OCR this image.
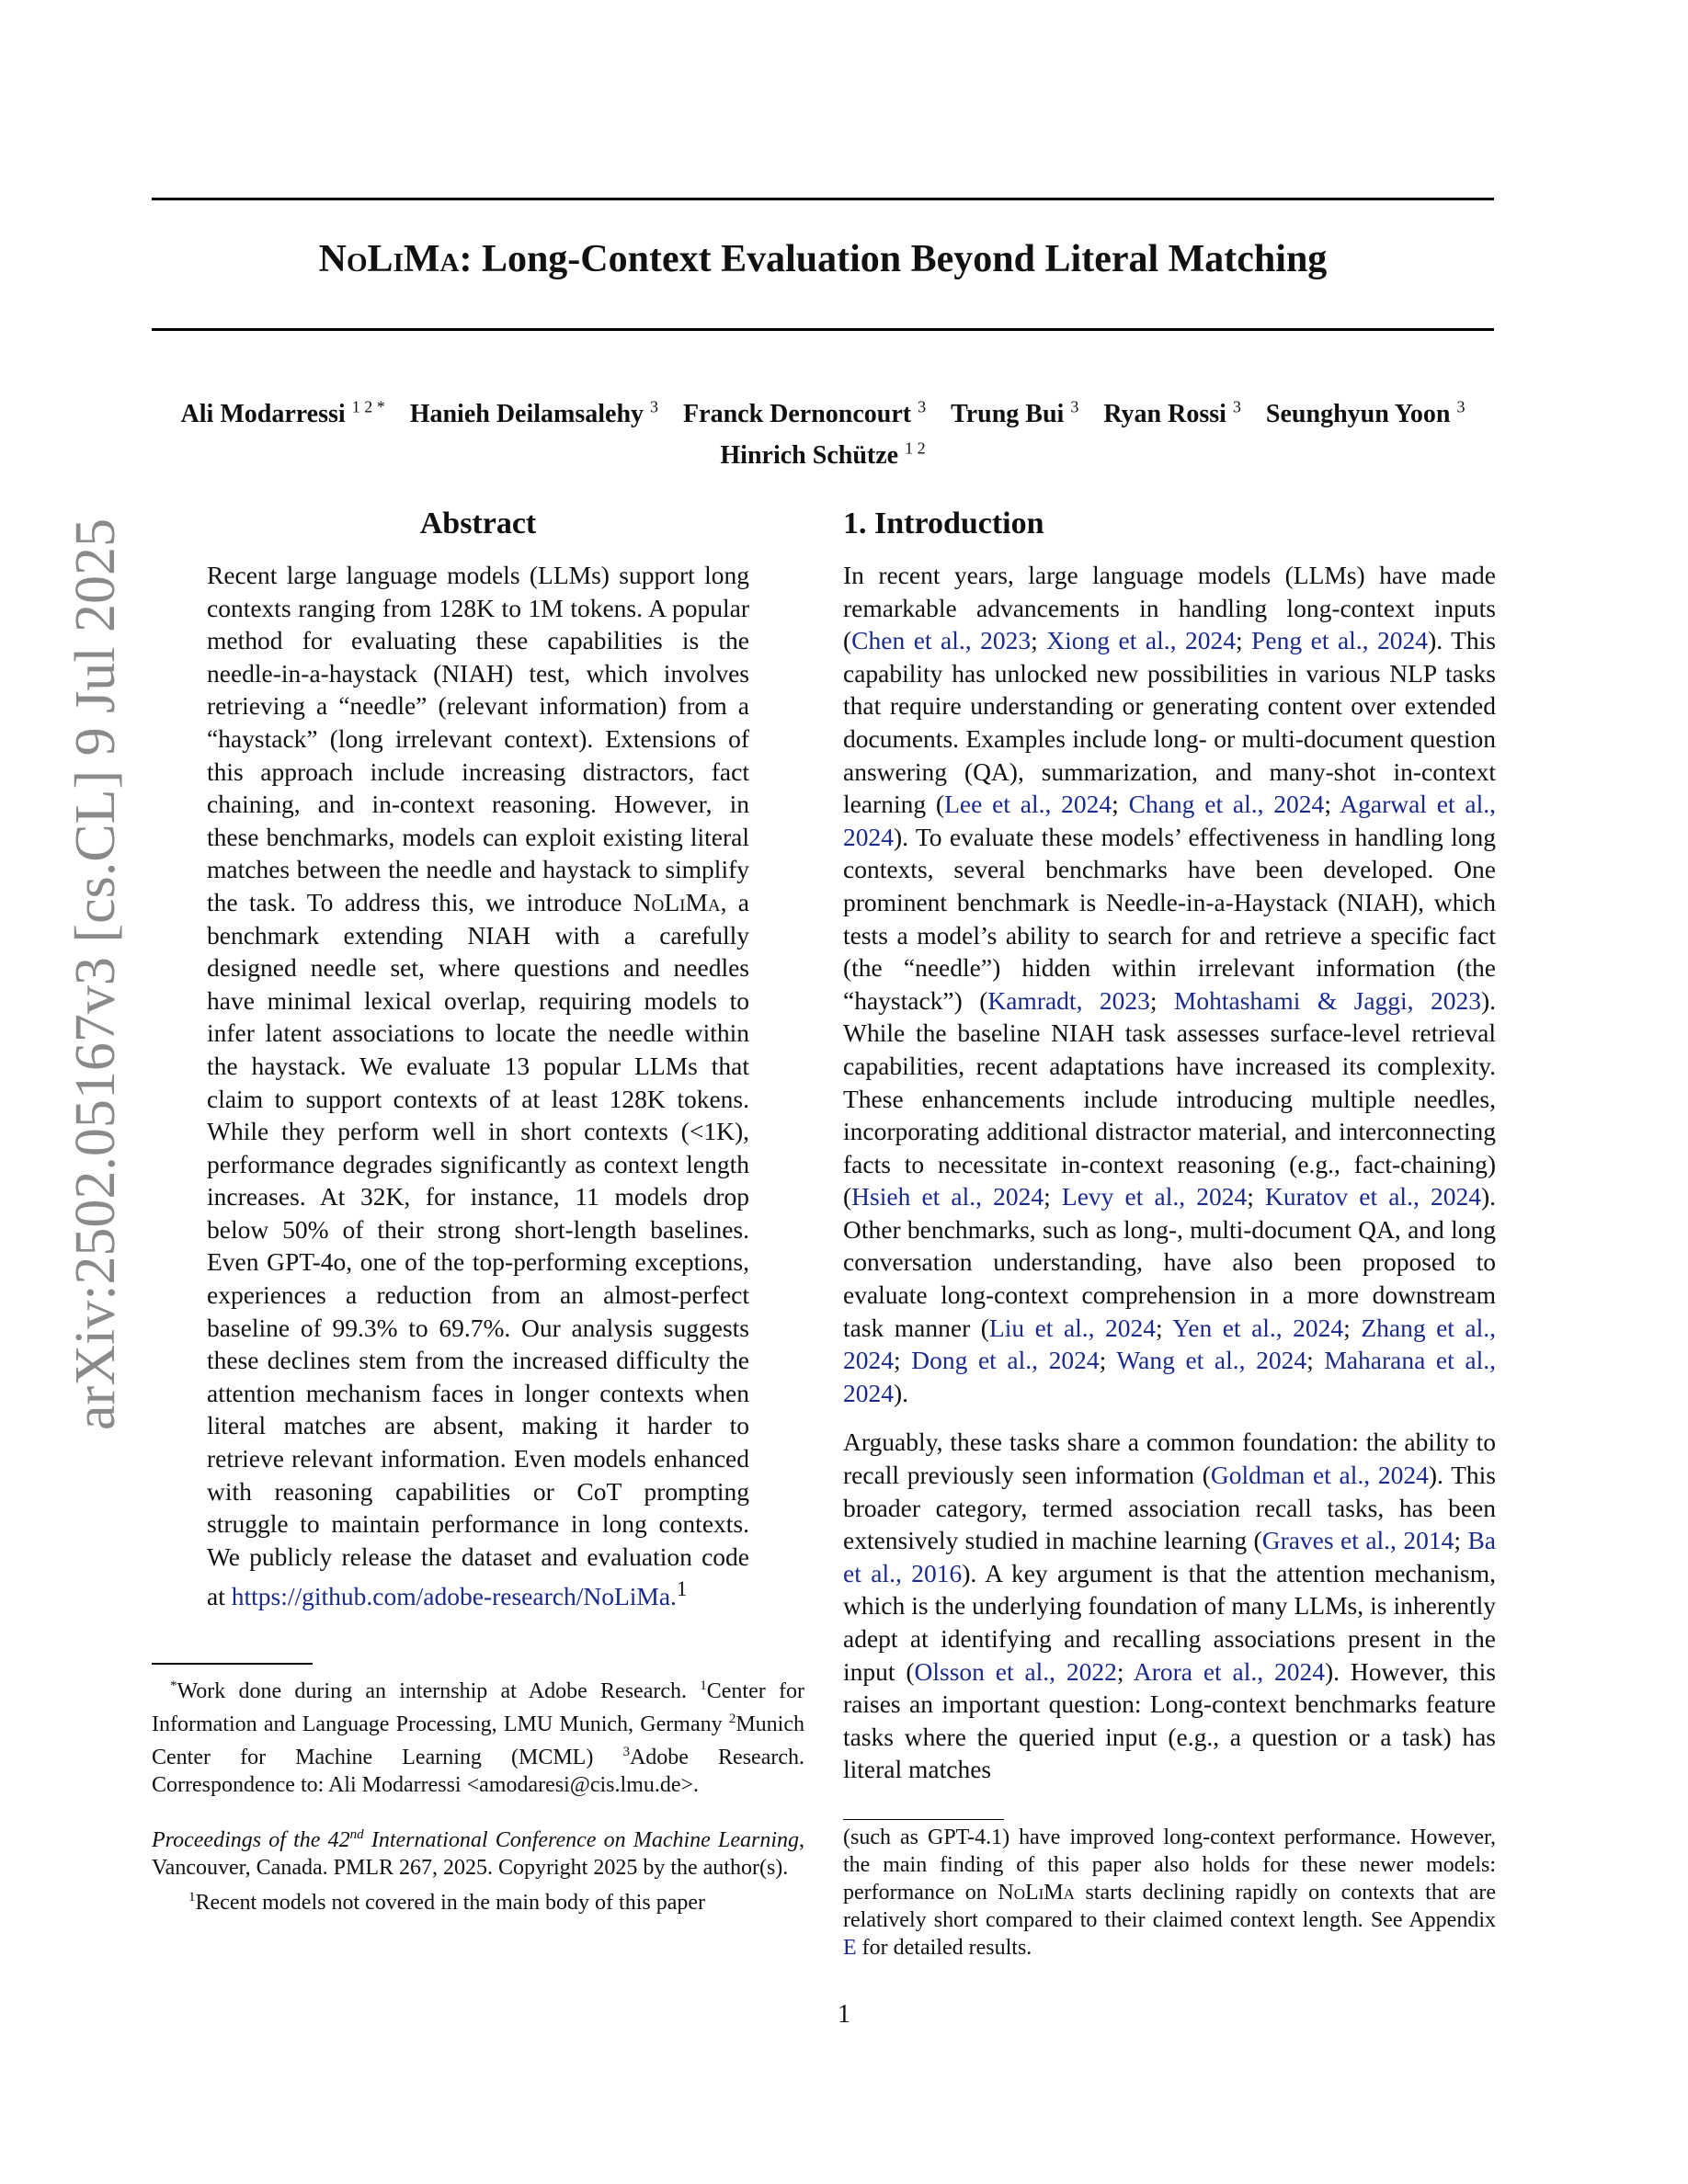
NoLiMa: Long-Context Evaluation Beyond Literal Matching
Ali Modarressi $^{1 2 *}$ Hanieh Deilamsalehy $^3$ Franck Dernoncourt $^3$ Trung Bui $^3$ Ryan Rossi $^3$ Seunghyun Yoon $^3$
Hinrich Schütze $^{1 2}$
arXiv:2502.05167v3 [cs.CL] 9 Jul 2025	Abstract

Recent large language models (LLMs) support long contexts ranging from 128K to 1M tokens. A popular method for evaluating these capabilities is the needle-in-a-haystack (NIAH) test, which involves retrieving a “needle” (relevant information) from a “haystack” (long irrelevant context). Extensions of this approach include increasing distractors, fact chaining, and in-context reasoning. However, in these benchmarks, models can exploit existing literal matches between the needle and haystack to simplify the task. To address this, we introduce NoLiMa, a benchmark extending NIAH with a carefully designed needle set, where questions and needles have minimal lexical overlap, requiring models to infer latent associations to locate the needle within the haystack. We evaluate 13 popular LLMs that claim to support contexts of at least 128K tokens. While they perform well in short contexts (<1K), performance degrades significantly as context length increases. At 32K, for instance, 11 models drop below 50% of their strong short-length baselines. Even GPT-4o, one of the top-performing exceptions, experiences a reduction from an almost-perfect baseline of 99.3% to 69.7%. Our analysis suggests these declines stem from the increased difficulty the attention mechanism faces in longer contexts when literal matches are absent, making it harder to retrieve relevant information. Even models enhanced with reasoning capabilities or CoT prompting struggle to maintain performance in long contexts. We publicly release the dataset and evaluation code at https://github.com/adobe-research/NoLiMa.$^1$

*Work done during an internship at Adobe Research. $^1$Center for Information and Language Processing, LMU Munich, Germany $^2$Munich Center for Machine Learning (MCML) $^3$Adobe Research. Correspondence to: Ali Modarressi <amodaresi@cis.lmu.de>.

Proceedings of the 42nd International Conference on Machine Learning, Vancouver, Canada. PMLR 267, 2025. Copyright 2025 by the author(s).

$^1$Recent models not covered in the main body of this paper

1. Introduction

In recent years, large language models (LLMs) have made remarkable advancements in handling long-context inputs (Chen et al., 2023; Xiong et al., 2024; Peng et al., 2024). This capability has unlocked new possibilities in various NLP tasks that require understanding or generating content over extended documents. Examples include long- or multi-document question answering (QA), summarization, and many-shot in-context learning (Lee et al., 2024; Chang et al., 2024; Agarwal et al., 2024). To evaluate these models’ effectiveness in handling long contexts, several benchmarks have been developed. One prominent benchmark is Needle-in-a-Haystack (NIAH), which tests a model’s ability to search for and retrieve a specific fact (the “needle”) hidden within irrelevant information (the “haystack”) (Kamradt, 2023; Mohtashami & Jaggi, 2023). While the baseline NIAH task assesses surface-level retrieval capabilities, recent adaptations have increased its complexity. These enhancements include introducing multiple needles, incorporating additional distractor material, and interconnecting facts to necessitate in-context reasoning (e.g., fact-chaining) (Hsieh et al., 2024; Levy et al., 2024; Kuratov et al., 2024). Other benchmarks, such as long-, multi-document QA, and long conversation understanding, have also been proposed to evaluate long-context comprehension in a more downstream task manner (Liu et al., 2024; Yen et al., 2024; Zhang et al., 2024; Dong et al., 2024; Wang et al., 2024; Maharana et al., 2024).

Arguably, these tasks share a common foundation: the ability to recall previously seen information (Goldman et al., 2024). This broader category, termed association recall tasks, has been extensively studied in machine learning (Graves et al., 2014; Ba et al., 2016). A key argument is that the attention mechanism, which is the underlying foundation of many LLMs, is inherently adept at identifying and recalling associations present in the input (Olsson et al., 2022; Arora et al., 2024). However, this raises an important question: Long-context benchmarks feature tasks where the queried input (e.g., a question or a task) has literal matches

(such as GPT-4.1) have improved long-context performance. However, the main finding of this paper also holds for these newer models: performance on NoLiMa starts declining rapidly on contexts that are relatively short compared to their claimed context length. See Appendix E for detailed results.

1
